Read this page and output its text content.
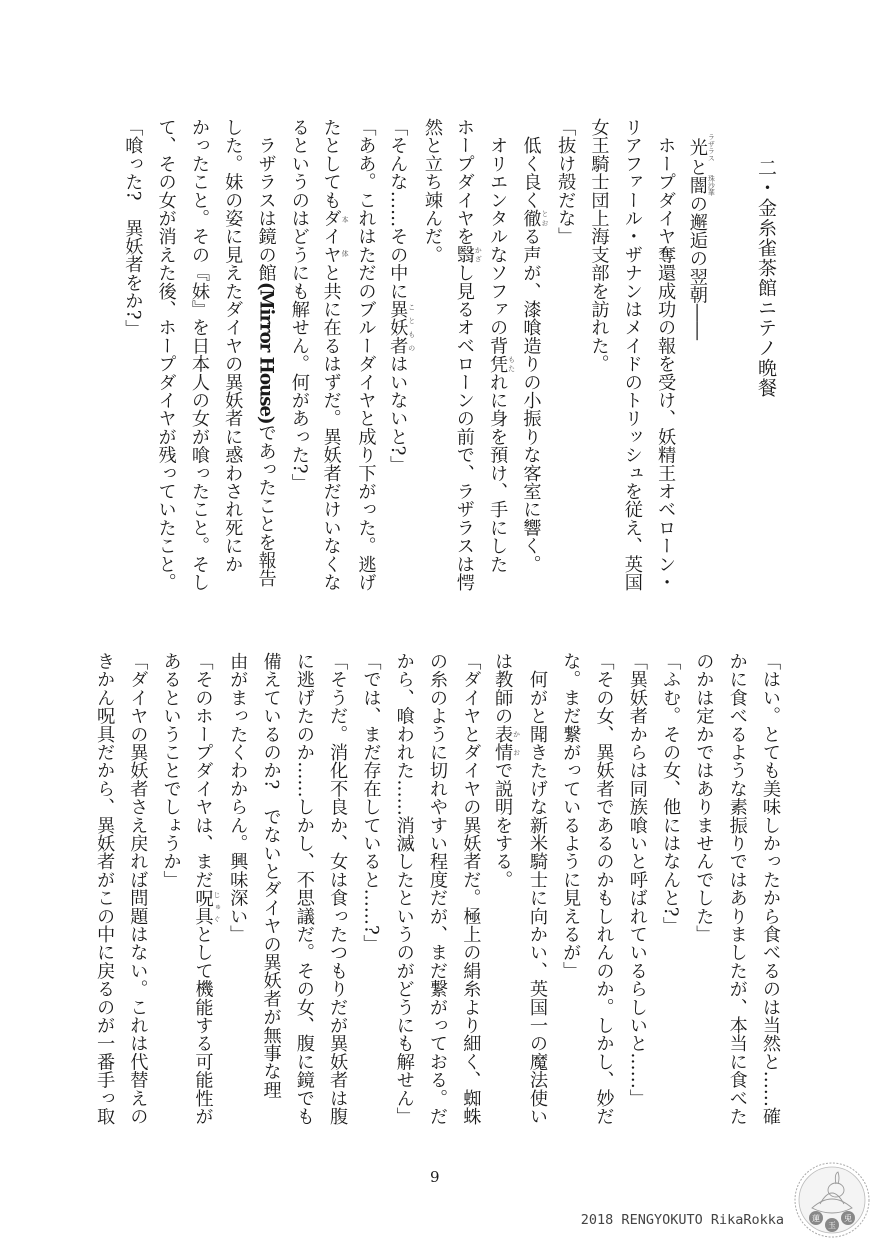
二・金糸雀茶館ニテノ晩餐
　光 ラザラスと闇 珠沙華の邂逅の翌朝――
　ホープダイヤ奪還成功の報を受け、妖精王オベローン・
リアファール・ザナンはメイドのトリッシュを従え、英国
女王騎士団上海支部を訪れた。
「抜け殻だな」
　低く良く徹 とおる声が、漆喰造りの小振りな客室に響く。
　オリエンタルなソファの背凭 もたれに身を預け、手にした
ホープダイヤを翳 かざし見るオベローンの前で、ラザラスは愕
然と立ち竦んだ。
「そんな……その中に異妖者 ことものはいないと?」
「ああ。これはただのブルーダイヤと成り下がった。逃げ
たとしてもダイヤ 本体と共に在るはずだ。異妖者だけいなくな
るというのはどうにも解せん。何があった?」
　ラザラスは鏡の館(Mirror House)であったことを報告
した。妹の姿に見えたダイヤの異妖者に惑わされ死にか
かったこと。その『妹』を日本人の女が喰ったこと。そし
て、その女が消えた後、ホープダイヤが残っていたこと。
「喰った?　異妖者をか?」
「はい。とても美味しかったから食べるのは当然と……確
かに食べるような素振りではありましたが、本当に食べた
のかは定かではありませんでした」
「ふむ。その女、他にはなんと?」
「異妖者からは同族喰いと呼ばれているらしいと……」
「その女、異妖者であるのかもしれんのか。しかし、妙だ
な。まだ繋がっているように見えるが」
　何がと聞きたげな新米騎士に向かい、英国一の魔法使い
は教師の表情 かおで説明をする。
「ダイヤとダイヤの異妖者だ。極上の絹糸より細く、蜘蛛
の糸のように切れやすい程度だが、まだ繋がっておる。だ
から、喰われた……消滅したというのがどうにも解せん」
「では、まだ存在していると……?」
「そうだ。消化不良か、女は食ったつもりだが異妖者は腹
に逃げたのか……しかし、不思議だ。その女、腹に鏡でも
備えているのか?　でないとダイヤの異妖者が無事な理
由がまったくわからん。興味深い」
「そのホープダイヤは、まだ呪具 じゅぐとして機能する可能性が
あるということでしょうか」
「ダイヤの異妖者さえ戻れば問題はない。これは代替えの
きかん呪具だから、異妖者がこの中に戻るのが一番手っ取
9
2018 RENGYOKUTO RikaRokka	蓮
玉
兎
